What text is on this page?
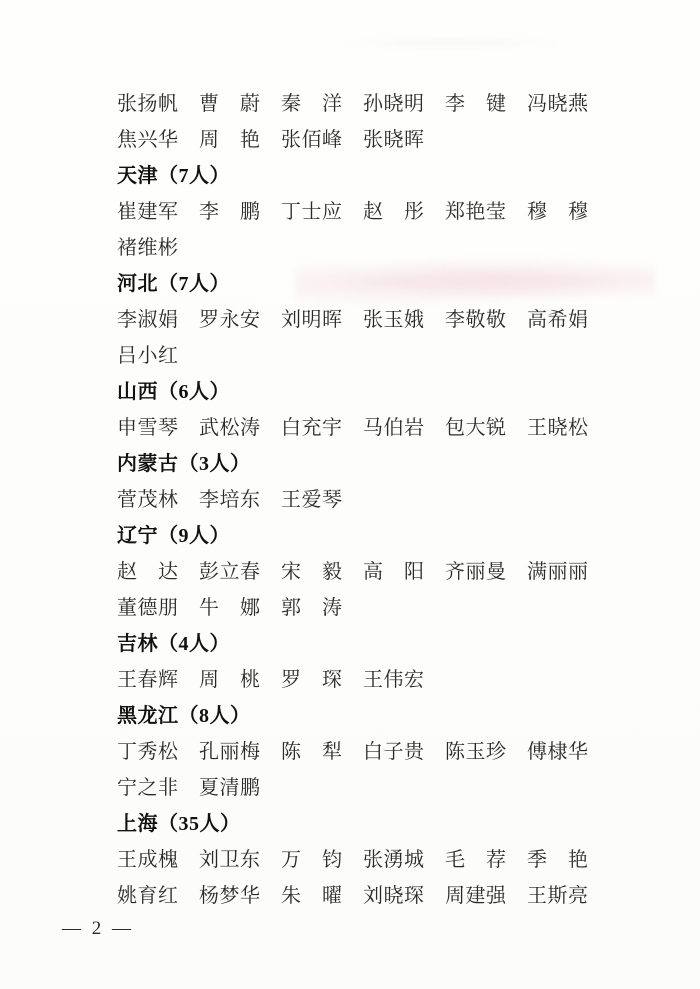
张扬帆　曹　蔚　秦　洋　孙晓明　李　键　冯晓燕

焦兴华　周　艳　张佰峰　张晓晖

天津（7人）

崔建军　李　鹏　丁士应　赵　彤　郑艳莹　穆　穆

褚维彬

河北（7人）

李淑娟　罗永安　刘明晖　张玉娥　李敬敬　高希娟

吕小红

山西（6人）

申雪琴　武松涛　白充宇　马伯岩　包大锐　王晓松

内蒙古（3人）

菅茂林　李培东　王爱琴

辽宁（9人）

赵　达　彭立春　宋　毅　高　阳　齐丽曼　满丽丽

董德朋　牛　娜　郭　涛

吉林（4人）

王春辉　周　桃　罗　琛　王伟宏

黑龙江（8人）

丁秀松　孔丽梅　陈　犁　白子贵　陈玉珍　傅棣华

宁之非　夏清鹏

上海（35人）

王成槐　刘卫东　万　钧　张湧城　毛　荐　季　艳

姚育红　杨梦华　朱　曜　刘晓琛　周建强　王斯亮

— 2 —
